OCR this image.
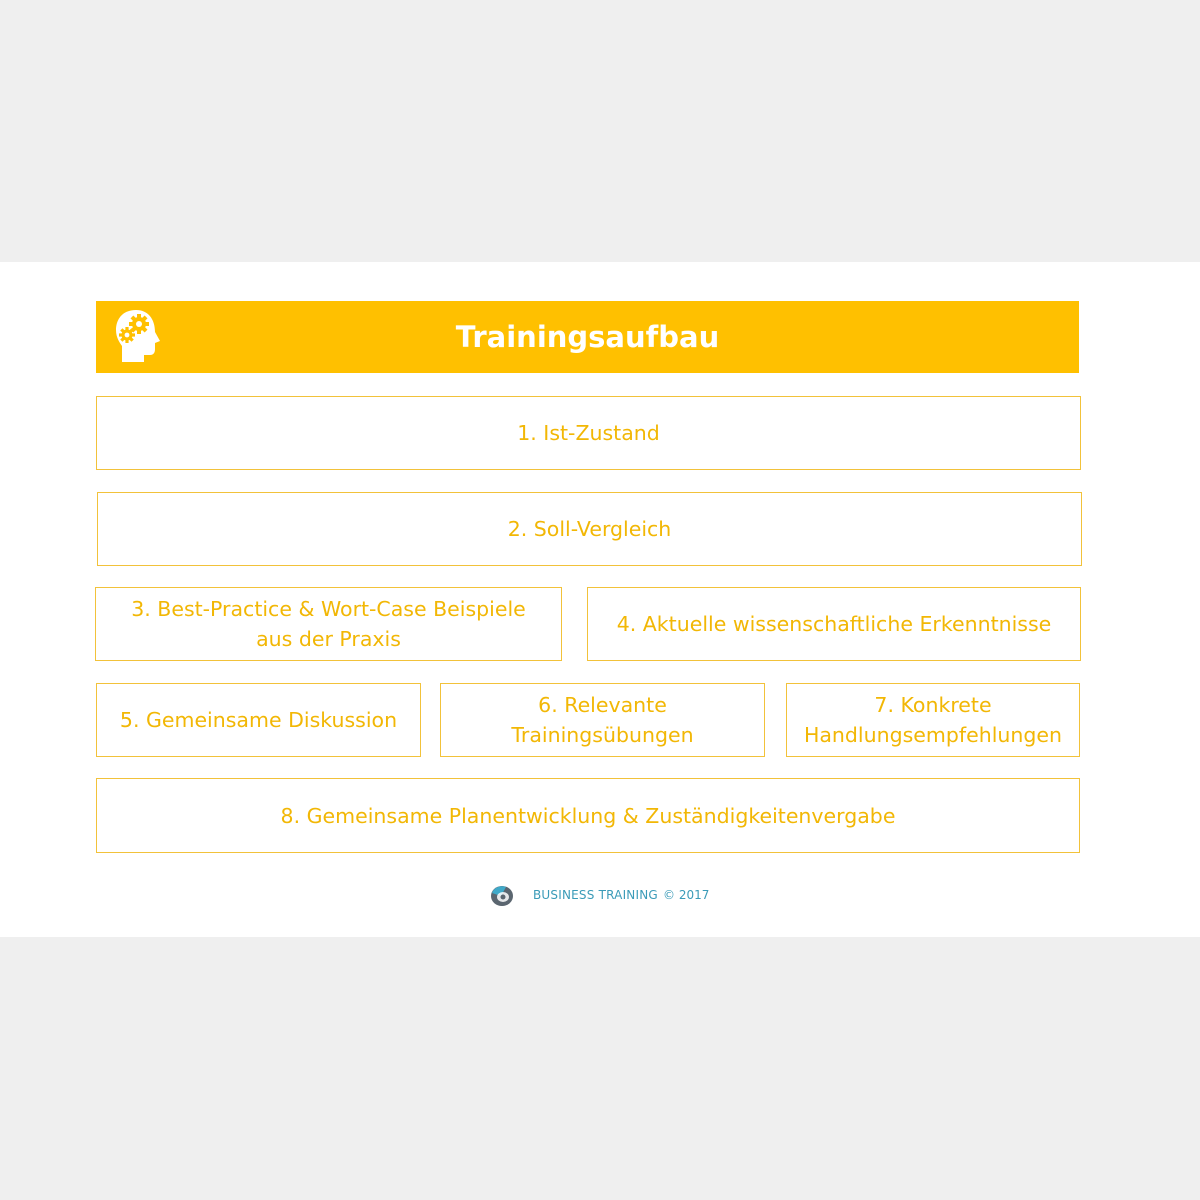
Trainingsaufbau
1. Ist-Zustand
2. Soll-Vergleich
3. Best-Practice & Wort-Case Beispiele aus der Praxis
4. Aktuelle wissenschaftliche Erkenntnisse
5. Gemeinsame Diskussion
6. Relevante Trainingsübungen
7. Konkrete Handlungsempfehlungen
8. Gemeinsame Planentwicklung & Zuständigkeitenvergabe
BUSINESS TRAINING © 2017
